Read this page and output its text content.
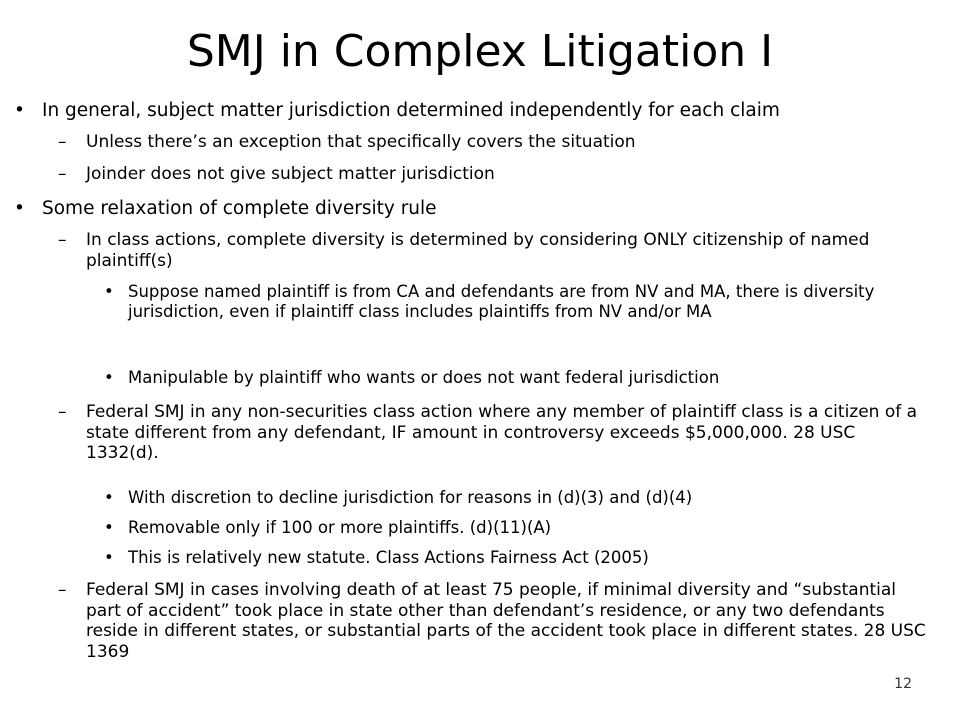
SMJ in Complex Litigation I
• In general, subject matter jurisdiction determined independently for each claim
– Unless there’s an exception that specifically covers the situation
– Joinder does not give subject matter jurisdiction
• Some relaxation of complete diversity rule
– In class actions, complete diversity is determined by considering ONLY citizenship of named plaintiff(s)
• Suppose named plaintiff is from CA and defendants are from NV and MA, there is diversity jurisdiction, even if plaintiff class includes plaintiffs from NV and/or MA
• Manipulable by plaintiff who wants or does not want federal jurisdiction
– Federal SMJ in any non-securities class action where any member of plaintiff class is a citizen of a state different from any defendant, IF amount in controversy exceeds $5,000,000. 28 USC 1332(d).
• With discretion to decline jurisdiction for reasons in (d)(3) and (d)(4)
• Removable only if 100 or more plaintiffs. (d)(11)(A)
• This is relatively new statute. Class Actions Fairness Act (2005)
– Federal SMJ in cases involving death of at least 75 people, if minimal diversity and “substantial part of accident” took place in state other than defendant’s residence, or any two defendants reside in different states, or substantial parts of the accident took place in different states. 28 USC 1369
12
